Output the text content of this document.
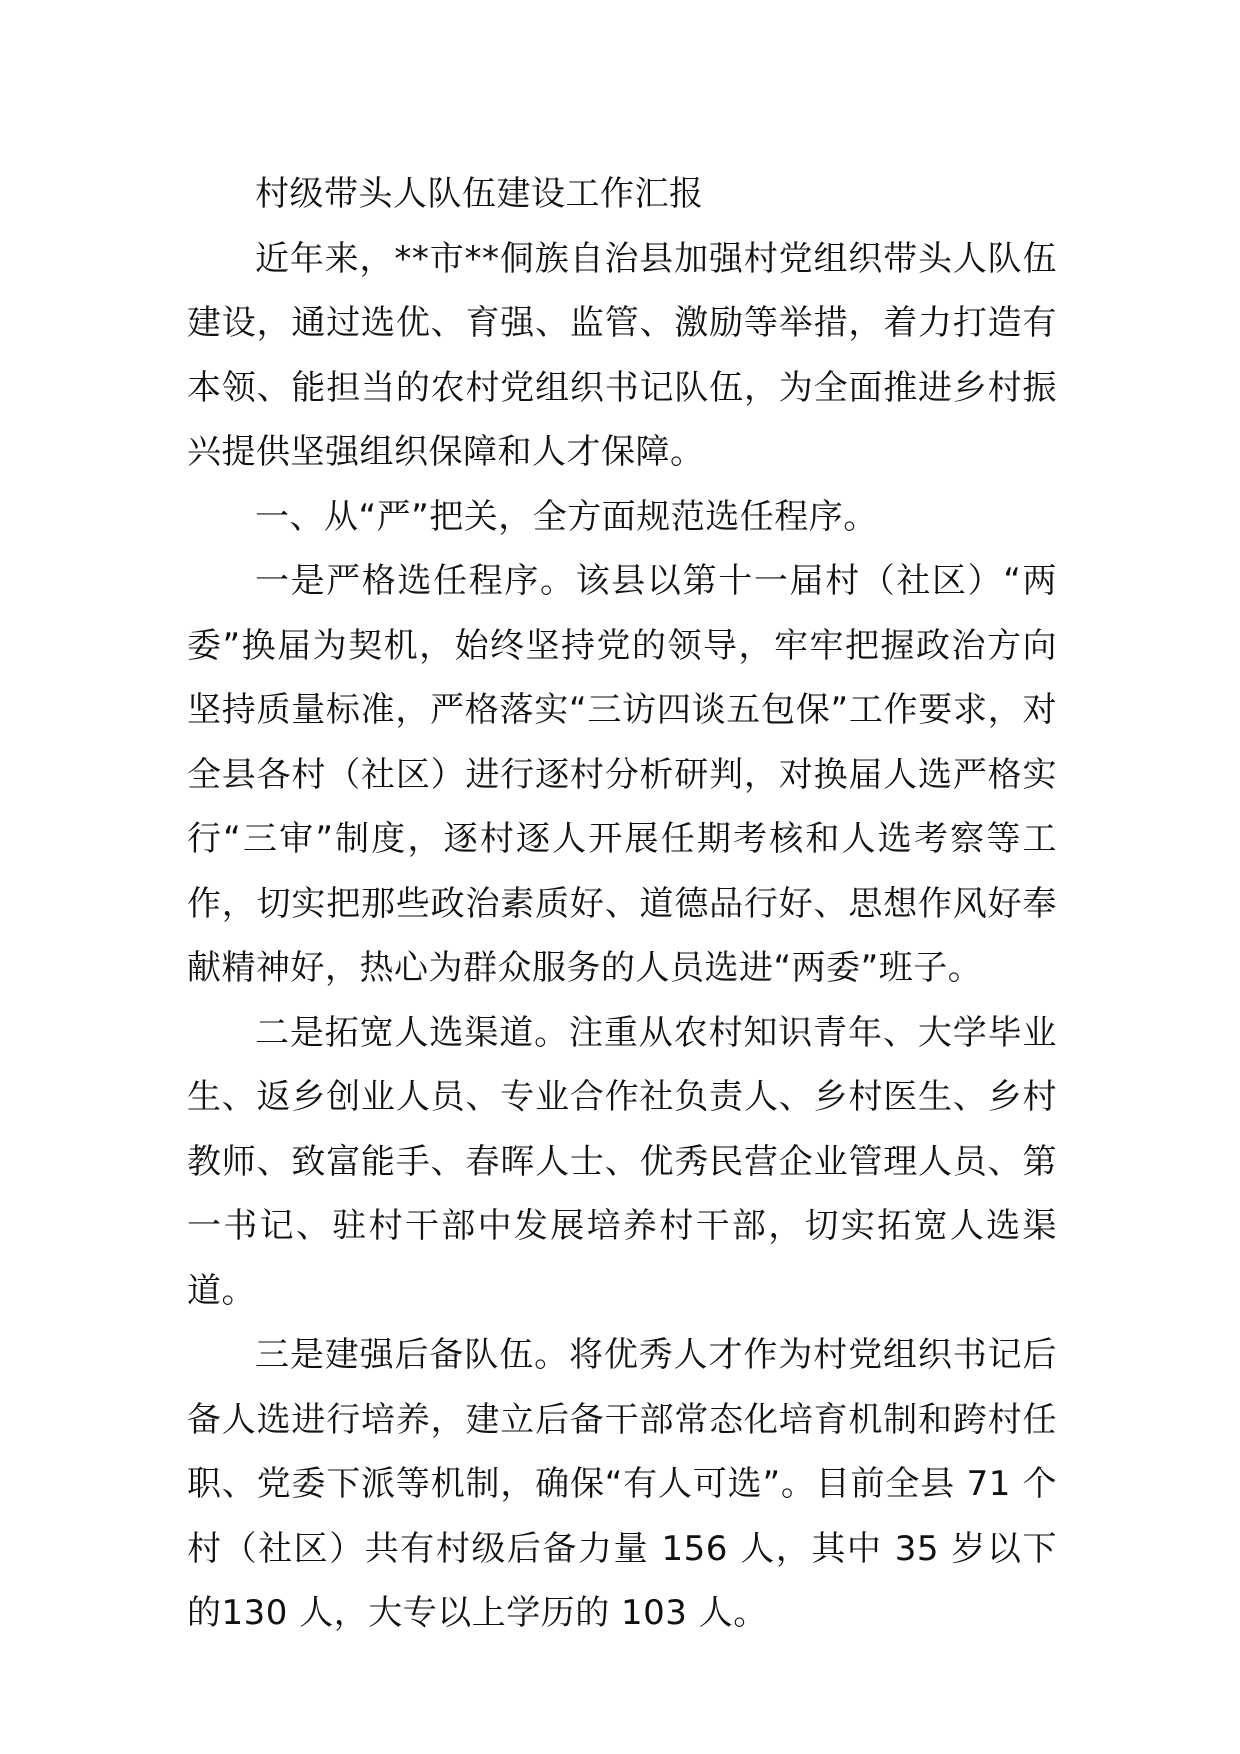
村级带头人队伍建设工作汇报

近年来，**市**侗族自治县加强村党组织带头人队伍建设，通过选优、育强、监管、激励等举措，着力打造有本领、能担当的农村党组织书记队伍，为全面推进乡村振兴提供坚强组织保障和人才保障。

一、从“严”把关，全方面规范选任程序。

一是严格选任程序。该县以第十一届村（社区）“两委”换届为契机，始终坚持党的领导，牢牢把握政治方向坚持质量标准，严格落实“三访四谈五包保”工作要求，对全县各村（社区）进行逐村分析研判，对换届人选严格实行“三审”制度，逐村逐人开展任期考核和人选考察等工作，切实把那些政治素质好、道德品行好、思想作风好奉献精神好，热心为群众服务的人员选进“两委”班子。

二是拓宽人选渠道。注重从农村知识青年、大学毕业生、返乡创业人员、专业合作社负责人、乡村医生、乡村教师、致富能手、春晖人士、优秀民营企业管理人员、第一书记、驻村干部中发展培养村干部，切实拓宽人选渠道。

三是建强后备队伍。将优秀人才作为村党组织书记后备人选进行培养，建立后备干部常态化培育机制和跨村任职、党委下派等机制，确保“有人可选”。目前全县 71 个村（社区）共有村级后备力量 156 人，其中 35 岁以下的130 人，大专以上学历的 103 人。
